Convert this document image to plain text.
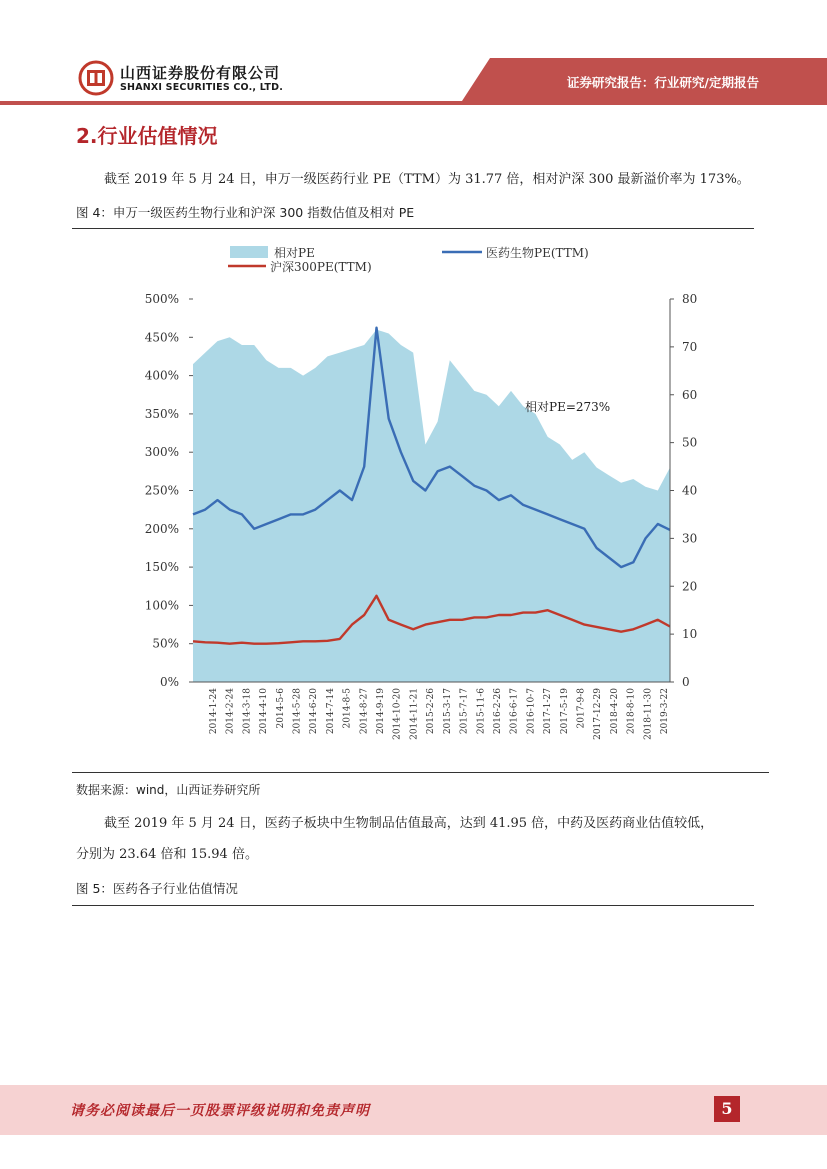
山西证券股份有限公司
SHANXI SECURITIES CO., LTD.	证券研究报告：行业研究/定期报告
2.行业估值情况
截至 2019 年 5 月 24 日，申万一级医药行业 PE（TTM）为 31.77 倍，相对沪深 300 最新溢价率为 173%。
图 4：申万一级医药生物行业和沪深 300 指数估值及相对 PE
相对PE	医药生物PE(TTM)
沪深300PE(TTM)
0%
50%
100%
150%
200%
250%
300%
350%
400%
450%
500%
0
10
20
30
40
50
60
70
80
2014-1-24 2014-2-24 2014-3-18 2014-4-10 2014-5-6 2014-5-28 2014-6-20 2014-7-14 2014-8-5 2014-8-27 2014-9-19 2014-10-20 2014-11-21 2015-2-26 2015-3-17 2015-7-17 2015-11-6 2016-2-26 2016-6-17 2016-10-7 2017-1-27 2017-5-19 2017-9-8 2017-12-29 2018-4-20 2018-8-10 2018-11-30 2019-3-22
相对PE=273%
数据来源：wind，山西证券研究所
截至 2019 年 5 月 24 日，医药子板块中生物制品估值最高，达到 41.95 倍，中药及医药商业估值较低，
分别为 23.64 倍和 15.94 倍。
图 5：医药各子行业估值情况
请务必阅读最后一页股票评级说明和免责声明	5
